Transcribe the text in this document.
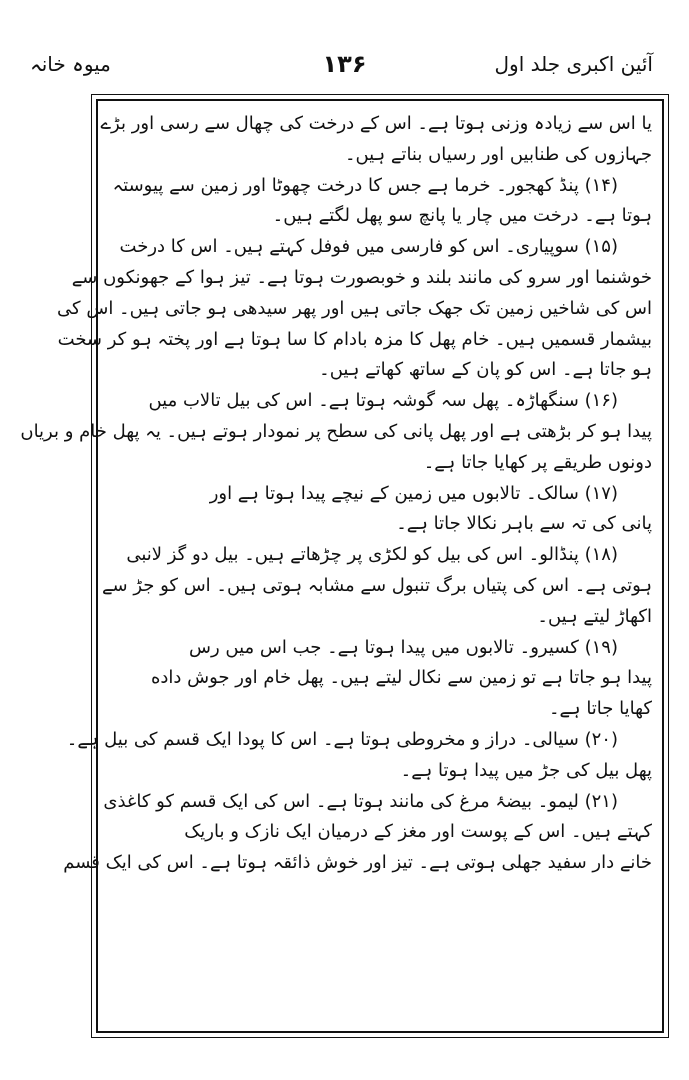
آئین اکبری جلد اول
۱۳۶
میوہ خانہ

یا اس سے زیادہ وزنی ہوتا ہے۔ اس کے درخت کی چھال سے رسی اور بڑے

جہازوں کی طنابیں اور رسیاں بناتے ہیں۔

(۱۴) پنڈ کھجور۔ خرما ہے جس کا درخت چھوٹا اور زمین سے پیوستہ

ہوتا ہے۔ درخت میں چار یا پانچ سو پھل لگتے ہیں۔

(۱۵) سوپیاری۔ اس کو فارسی میں فوفل کہتے ہیں۔ اس کا درخت

خوشنما اور سرو کی مانند بلند و خوبصورت ہوتا ہے۔ تیز ہوا کے جھونکوں سے

اس کی شاخیں زمین تک جھک جاتی ہیں اور پھر سیدھی ہو جاتی ہیں۔ اس کی

بیشمار قسمیں ہیں۔ خام پھل کا مزہ بادام کا سا ہوتا ہے اور پختہ ہو کر سخت

ہو جاتا ہے۔ اس کو پان کے ساتھ کھاتے ہیں۔

(۱۶) سنگھاڑہ۔ پھل سہ گوشہ ہوتا ہے۔ اس کی بیل تالاب میں

پیدا ہو کر بڑھتی ہے اور پھل پانی کی سطح پر نمودار ہوتے ہیں۔ یہ پھل خام و بریاں

دونوں طریقے پر کھایا جاتا ہے۔

(۱۷) سالک۔ تالابوں میں زمین کے نیچے پیدا ہوتا ہے اور

پانی کی تہ سے باہر نکالا جاتا ہے۔

(۱۸) پنڈالو۔ اس کی بیل کو لکڑی پر چڑھاتے ہیں۔ بیل دو گز لانبی

ہوتی ہے۔ اس کی پتیاں برگ تنبول سے مشابہ ہوتی ہیں۔ اس کو جڑ سے

اکھاڑ لیتے ہیں۔

(۱۹) کسیرو۔ تالابوں میں پیدا ہوتا ہے۔ جب اس میں رس

پیدا ہو جاتا ہے تو زمین سے نکال لیتے ہیں۔ پھل خام اور جوش داده

کھایا جاتا ہے۔

(۲۰) سیالی۔ دراز و مخروطی ہوتا ہے۔ اس کا پودا ایک قسم کی بیل ہے۔

پھل بیل کی جڑ میں پیدا ہوتا ہے۔

(۲۱) لیمو۔ بیضۂ مرغ کی مانند ہوتا ہے۔ اس کی ایک قسم کو کاغذی

کہتے ہیں۔ اس کے پوست اور مغز کے درمیان ایک نازک و باریک

خانے دار سفید جھلی ہوتی ہے۔ تیز اور خوش ذائقہ ہوتا ہے۔ اس کی ایک قسم
